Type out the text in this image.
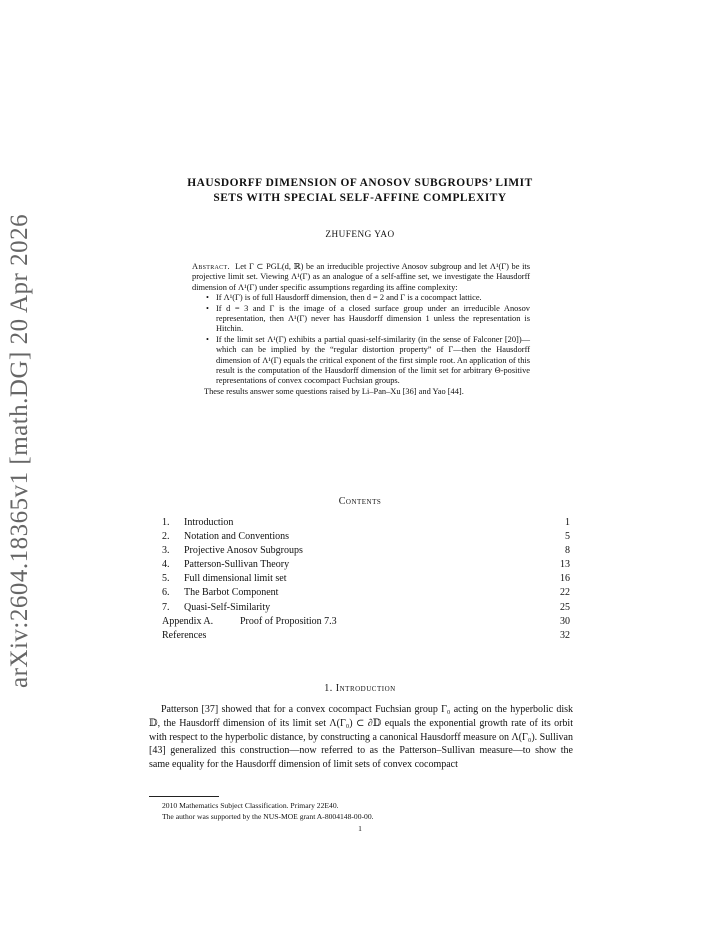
arXiv:2604.18365v1 [math.DG] 20 Apr 2026
HAUSDORFF DIMENSION OF ANOSOV SUBGROUPS’ LIMIT
SETS WITH SPECIAL SELF-AFFINE COMPLEXITY
ZHUFENG YAO
Abstract. Let Γ ⊂ PGL(d, ℝ) be an irreducible projective Anosov subgroup and let Λ¹(Γ) be its projective limit set. Viewing Λ¹(Γ) as an analogue of a self-affine set, we investigate the Hausdorff dimension of Λ¹(Γ) under specific assumptions regarding its affine complexity:
• If Λ¹(Γ) is of full Hausdorff dimension, then d = 2 and Γ is a cocompact lattice.
• If d = 3 and Γ is the image of a closed surface group under an irreducible Anosov representation, then Λ¹(Γ) never has Hausdorff dimension 1 unless the representation is Hitchin.
• If the limit set Λ¹(Γ) exhibits a partial quasi-self-similarity (in the sense of Falconer [20])—which can be implied by the “regular distortion property” of Γ—then the Hausdorff dimension of Λ¹(Γ) equals the critical exponent of the first simple root. An application of this result is the computation of the Hausdorff dimension of the limit set for arbitrary Θ-positive representations of convex cocompact Fuchsian groups.
These results answer some questions raised by Li–Pan–Xu [36] and Yao [44].
Contents
1.	Introduction	1
2.	Notation and Conventions	5
3.	Projective Anosov Subgroups	8
4.	Patterson-Sullivan Theory	13
5.	Full dimensional limit set	16
6.	The Barbot Component	22
7.	Quasi-Self-Similarity	25
Appendix A.	Proof of Proposition 7.3	30
References	32
1. Introduction
Patterson [37] showed that for a convex cocompact Fuchsian group Γ₀ acting on the hyperbolic disk 𝔻, the Hausdorff dimension of its limit set Λ(Γ₀) ⊂ ∂𝔻 equals the exponential growth rate of its orbit with respect to the hyperbolic distance, by constructing a canonical Hausdorff measure on Λ(Γ₀). Sullivan [43] generalized this construction—now referred to as the Patterson–Sullivan measure—to show the same equality for the Hausdorff dimension of limit sets of convex cocompact
2010 Mathematics Subject Classification. Primary 22E40.
The author was supported by the NUS-MOE grant A-8004148-00-00.
1
